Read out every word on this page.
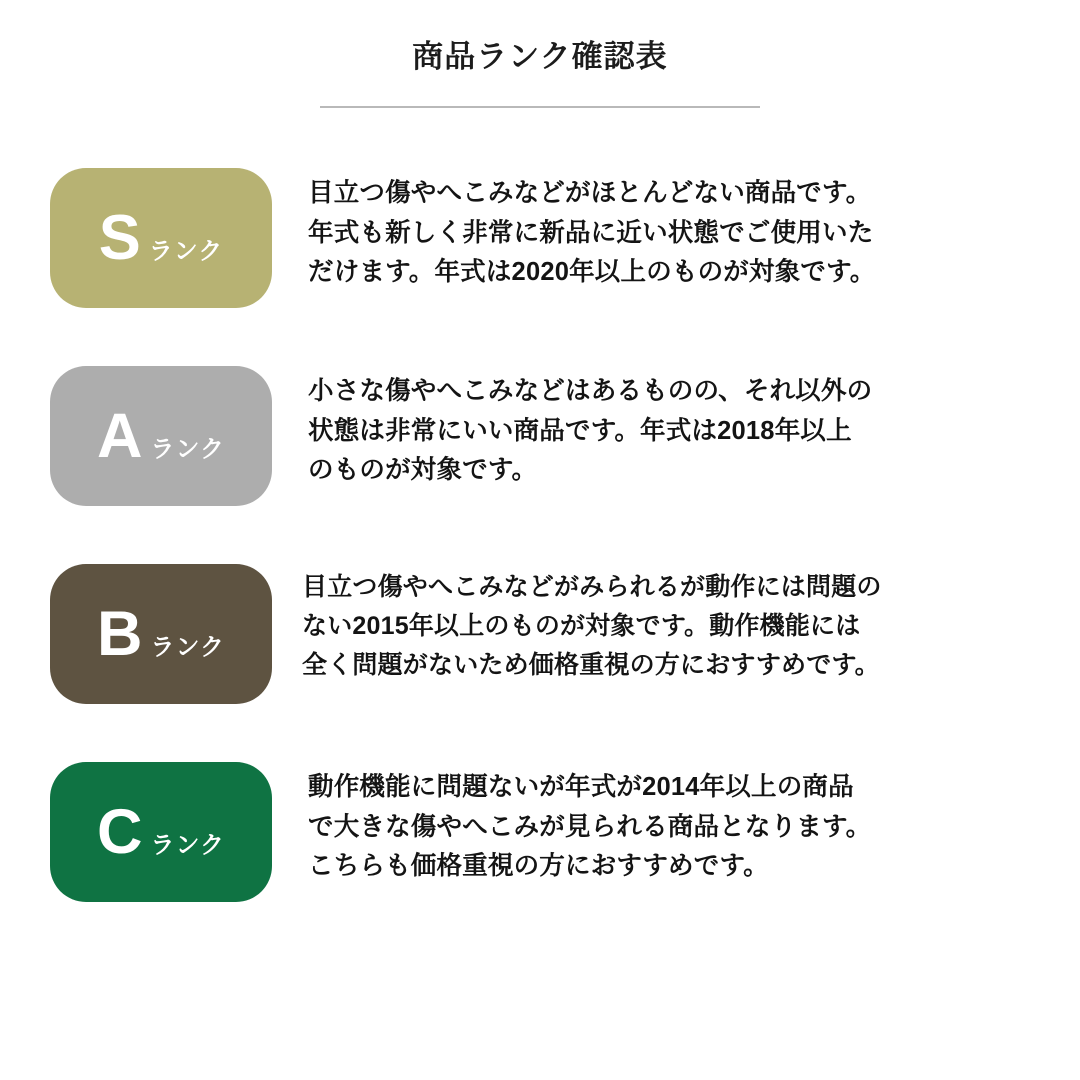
商品ランク確認表
S ランク
目立つ傷やへこみなどがほとんどない商品です。
年式も新しく非常に新品に近い状態でご使用いた
だけます。年式は2020年以上のものが対象です。
A ランク
小さな傷やへこみなどはあるものの、それ以外の
状態は非常にいい商品です。年式は2018年以上
のものが対象です。
B ランク
目立つ傷やへこみなどがみられるが動作には問題の
ない2015年以上のものが対象です。動作機能には
全く問題がないため価格重視の方におすすめです。
C ランク
動作機能に問題ないが年式が2014年以上の商品
で大きな傷やへこみが見られる商品となります。
こちらも価格重視の方におすすめです。
